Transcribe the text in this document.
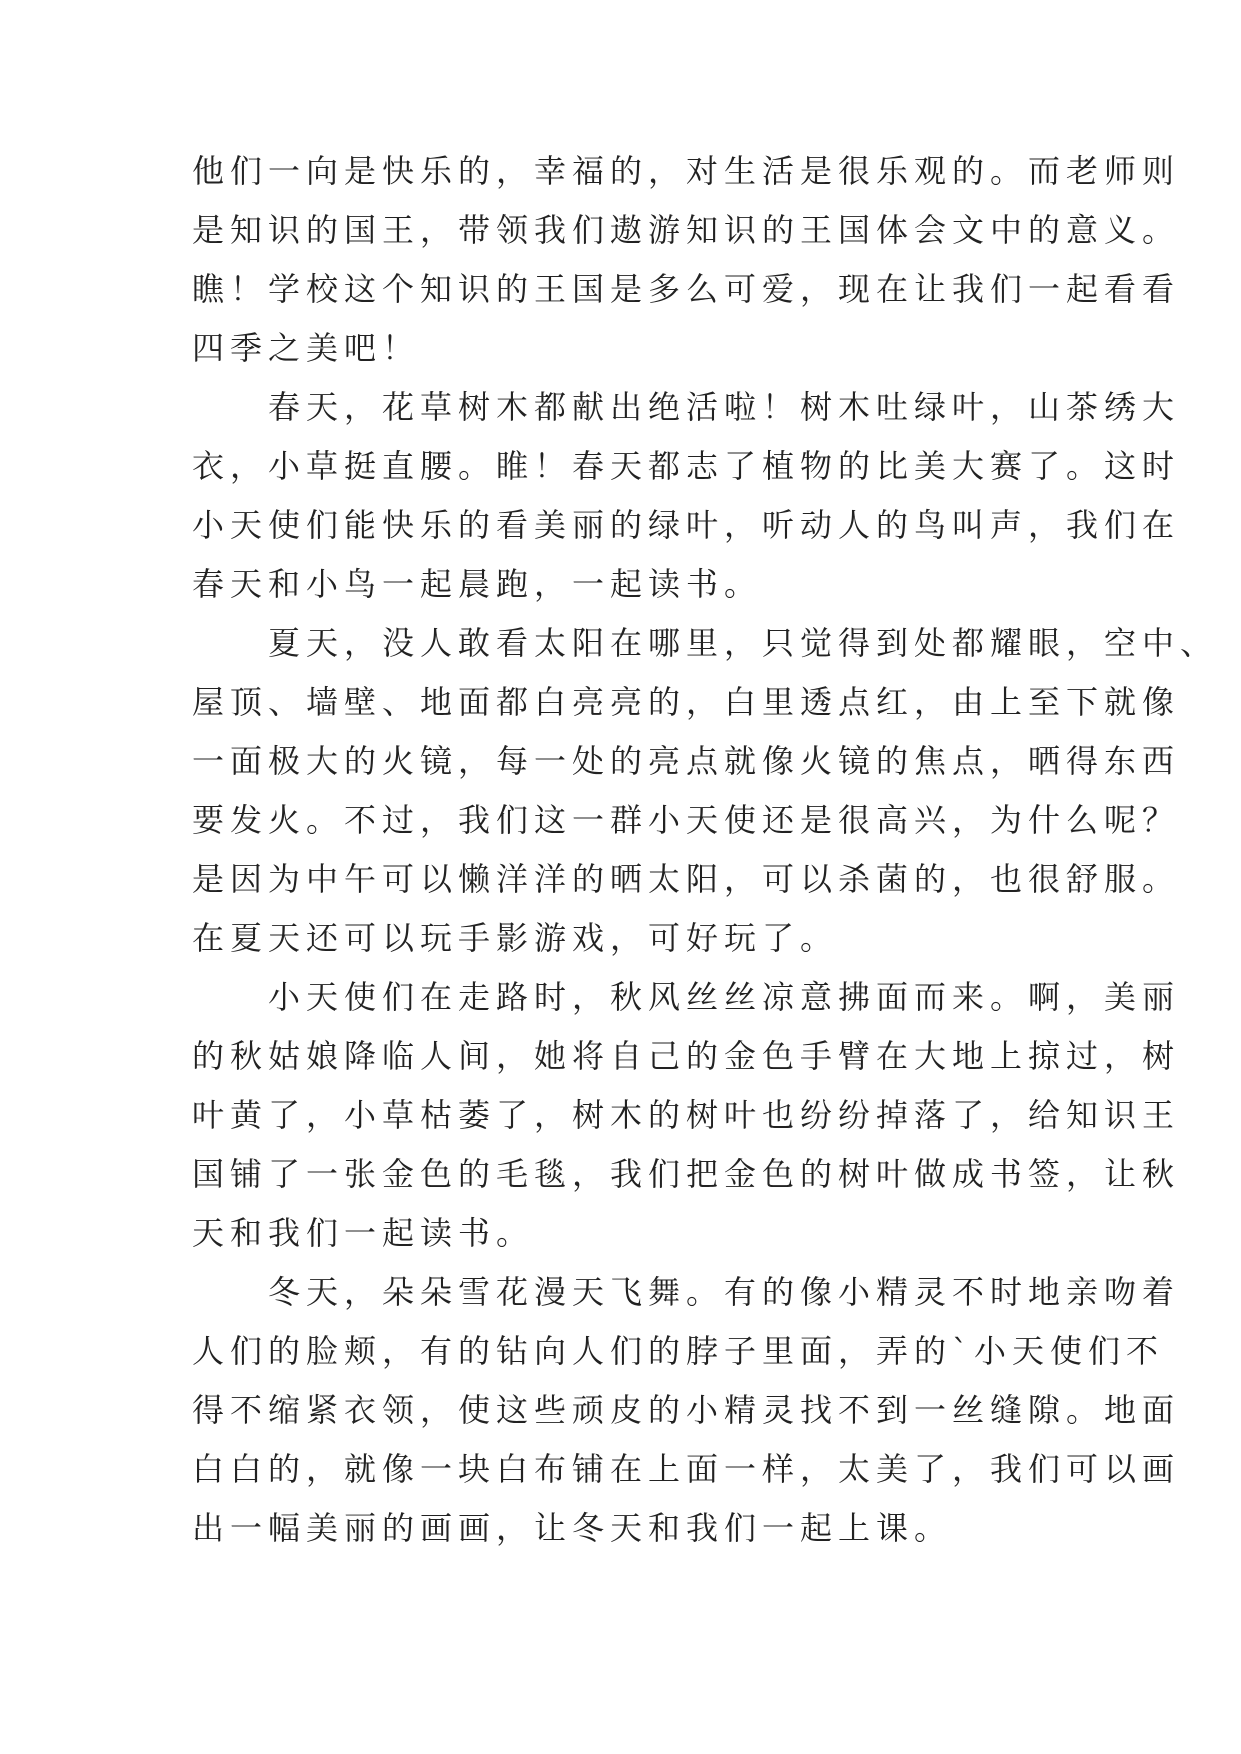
他们一向是快乐的，幸福的，对生活是很乐观的。而老师则
是知识的国王，带领我们遨游知识的王国体会文中的意义。
瞧！学校这个知识的王国是多么可爱，现在让我们一起看看
四季之美吧！
　　春天，花草树木都献出绝活啦！树木吐绿叶，山茶绣大
衣，小草挺直腰。睢！春天都志了植物的比美大赛了。这时
小天使们能快乐的看美丽的绿叶，听动人的鸟叫声，我们在
春天和小鸟一起晨跑，一起读书。
　　夏天，没人敢看太阳在哪里，只觉得到处都耀眼，空中、
屋顶、墙壁、地面都白亮亮的，白里透点红，由上至下就像
一面极大的火镜，每一处的亮点就像火镜的焦点，晒得东西
要发火。不过，我们这一群小天使还是很高兴，为什么呢？
是因为中午可以懒洋洋的晒太阳，可以杀菌的，也很舒服。
在夏天还可以玩手影游戏，可好玩了。
　　小天使们在走路时，秋风丝丝凉意拂面而来。啊，美丽
的秋姑娘降临人间，她将自己的金色手臂在大地上掠过，树
叶黄了，小草枯萎了，树木的树叶也纷纷掉落了，给知识王
国铺了一张金色的毛毯，我们把金色的树叶做成书签，让秋
天和我们一起读书。
　　冬天，朵朵雪花漫天飞舞。有的像小精灵不时地亲吻着
人们的脸颊，有的钻向人们的脖子里面，弄的`小天使们不
得不缩紧衣领，使这些顽皮的小精灵找不到一丝缝隙。地面
白白的，就像一块白布铺在上面一样，太美了，我们可以画
出一幅美丽的画画，让冬天和我们一起上课。
